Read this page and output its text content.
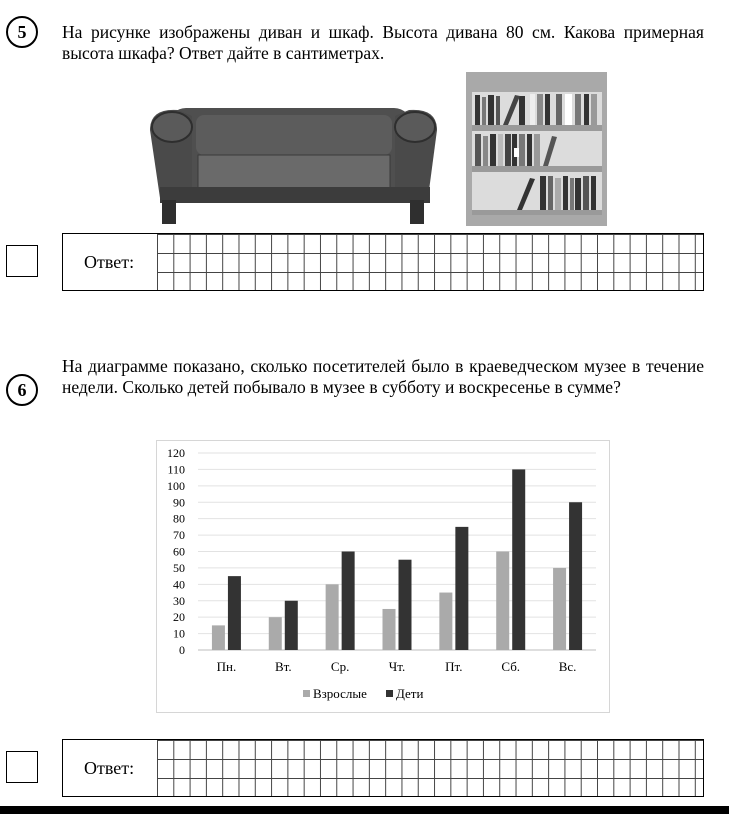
5	На рисунке изображены диван и шкаф. Высота дивана 80 см. Какова примерная высота шкафа? Ответ дайте в сантиметрах.

Ответ:
6

На диаграмме показано, сколько посетителей было в краеведческом музее в течение недели. Сколько детей побывало в музее в субботу и воскресенье в сумме?

0
10
20
30
40
50
60
70
80
90
100
110
120
Пн.	Вт.	Ср.	Чт.	Пт.	Сб.	Вс.
Взрослые Дети
Ответ:
